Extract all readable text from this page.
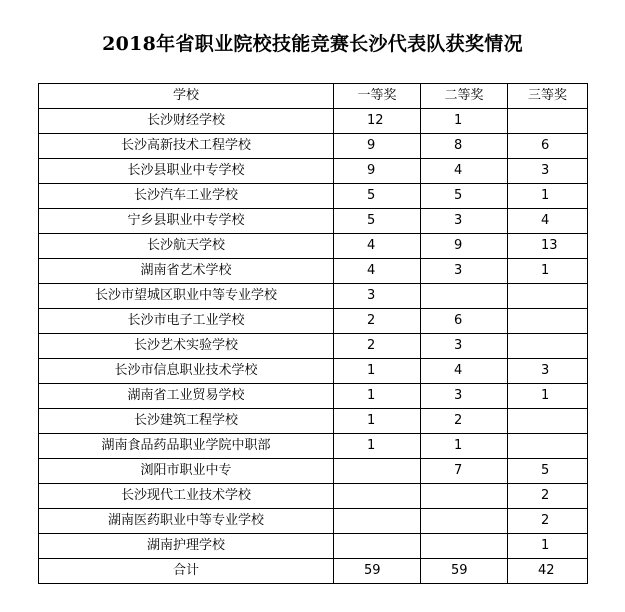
2018年省职业院校技能竞赛长沙代表队获奖情况
学校	一等奖	二等奖	三等奖
长沙财经学校	12	1	
长沙高新技术工程学校	9	8	6
长沙县职业中专学校	9	4	3
长沙汽车工业学校	5	5	1
宁乡县职业中专学校	5	3	4
长沙航天学校	4	9	13
湖南省艺术学校	4	3	1
长沙市望城区职业中等专业学校	3		
长沙市电子工业学校	2	6	
长沙艺术实验学校	2	3	
长沙市信息职业技术学校	1	4	3
湖南省工业贸易学校	1	3	1
长沙建筑工程学校	1	2	
湖南食品药品职业学院中职部	1	1	
浏阳市职业中专		7	5
长沙现代工业技术学校			2
湖南医药职业中等专业学校			2
湖南护理学校			1
合计	59	59	42
